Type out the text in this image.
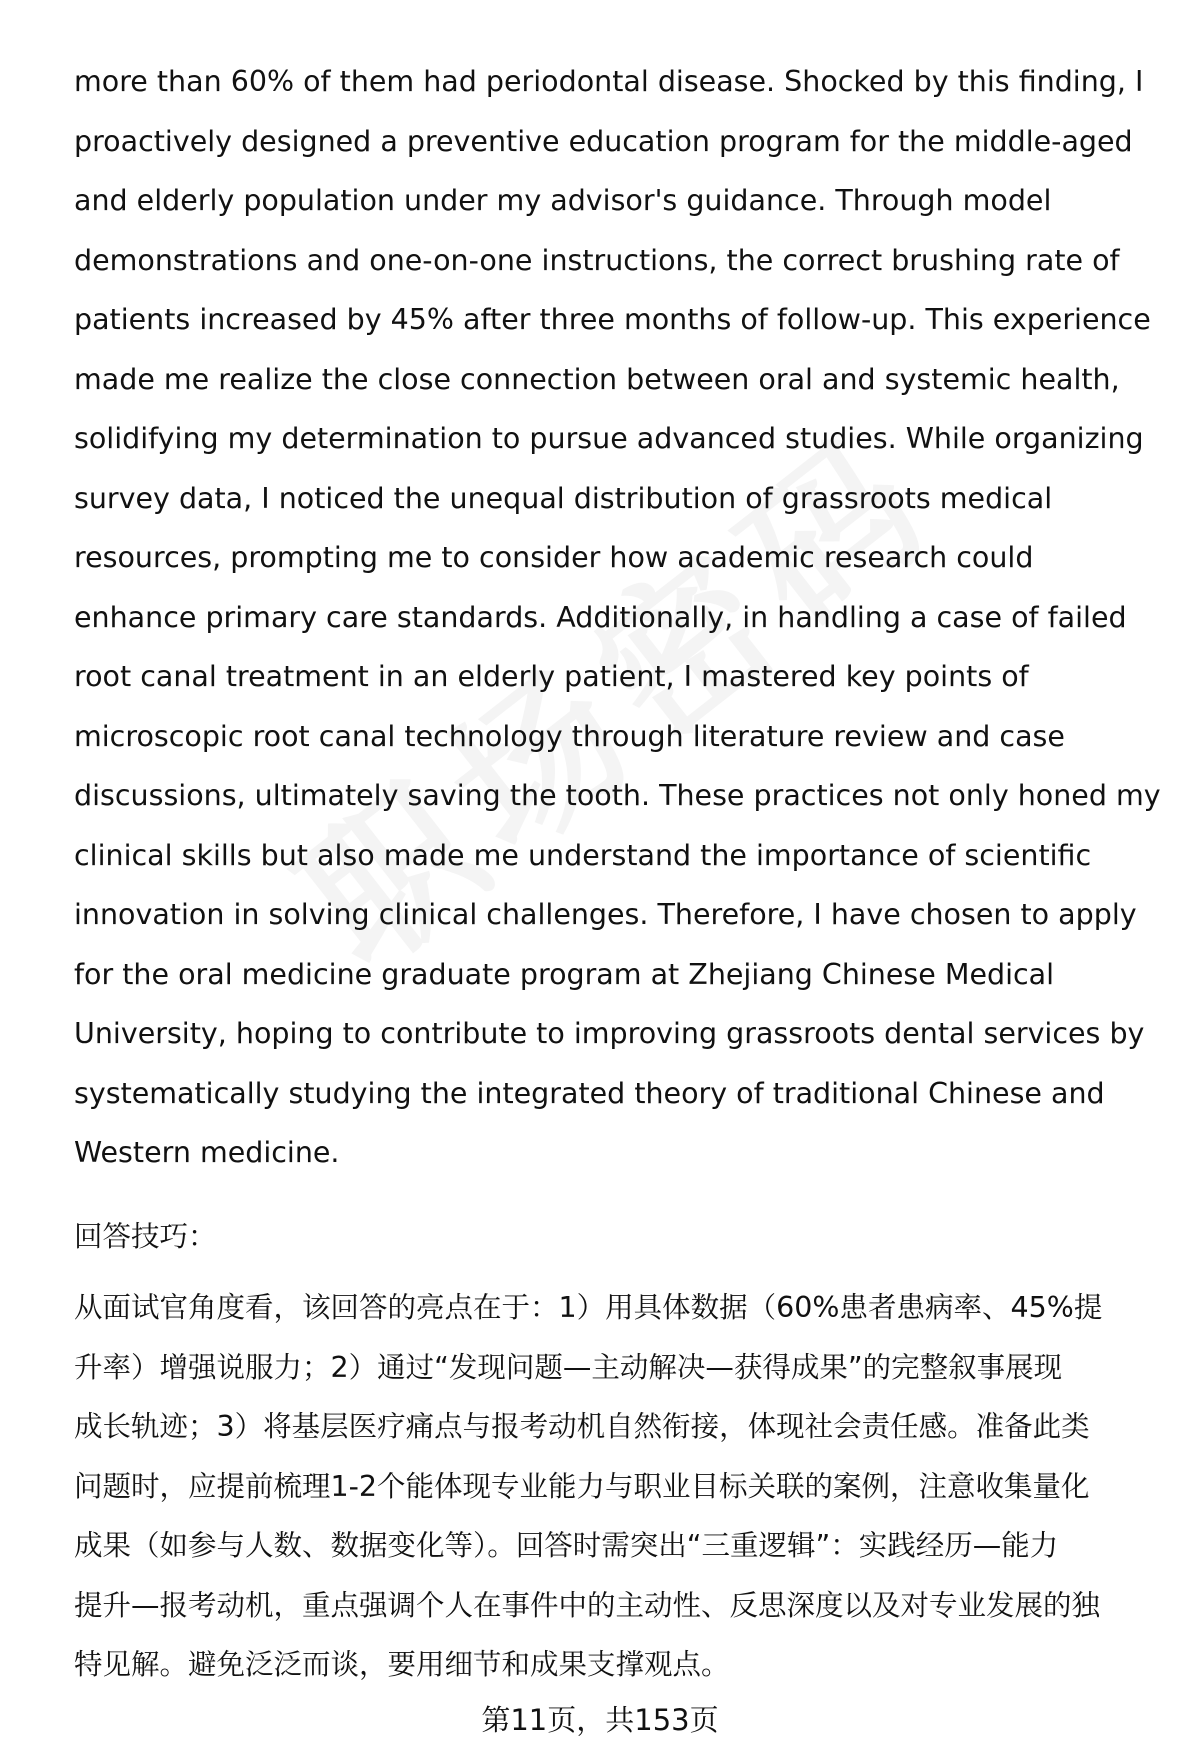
more than 60% of them had periodontal disease. Shocked by this finding, I
proactively designed a preventive education program for the middle-aged
and elderly population under my advisor's guidance. Through model
demonstrations and one-on-one instructions, the correct brushing rate of
patients increased by 45% after three months of follow-up. This experience
made me realize the close connection between oral and systemic health,
solidifying my determination to pursue advanced studies. While organizing
survey data, I noticed the unequal distribution of grassroots medical
resources, prompting me to consider how academic research could
enhance primary care standards. Additionally, in handling a case of failed
root canal treatment in an elderly patient, I mastered key points of
microscopic root canal technology through literature review and case
discussions, ultimately saving the tooth. These practices not only honed my
clinical skills but also made me understand the importance of scientific
innovation in solving clinical challenges. Therefore, I have chosen to apply
for the oral medicine graduate program at Zhejiang Chinese Medical
University, hoping to contribute to improving grassroots dental services by
systematically studying the integrated theory of traditional Chinese and
Western medicine.
回答技巧：
从面试官角度看，该回答的亮点在于：1）用具体数据（60%患者患病率、45%提
升率）增强说服力；2）通过“发现问题—主动解决—获得成果”的完整叙事展现
成长轨迹；3）将基层医疗痛点与报考动机自然衔接，体现社会责任感。准备此类
问题时，应提前梳理1-2个能体现专业能力与职业目标关联的案例，注意收集量化
成果（如参与人数、数据变化等）。回答时需突出“三重逻辑”：实践经历—能力
提升—报考动机，重点强调个人在事件中的主动性、反思深度以及对专业发展的独
特见解。避免泛泛而谈，要用细节和成果支撑观点。
第11页，共153页
